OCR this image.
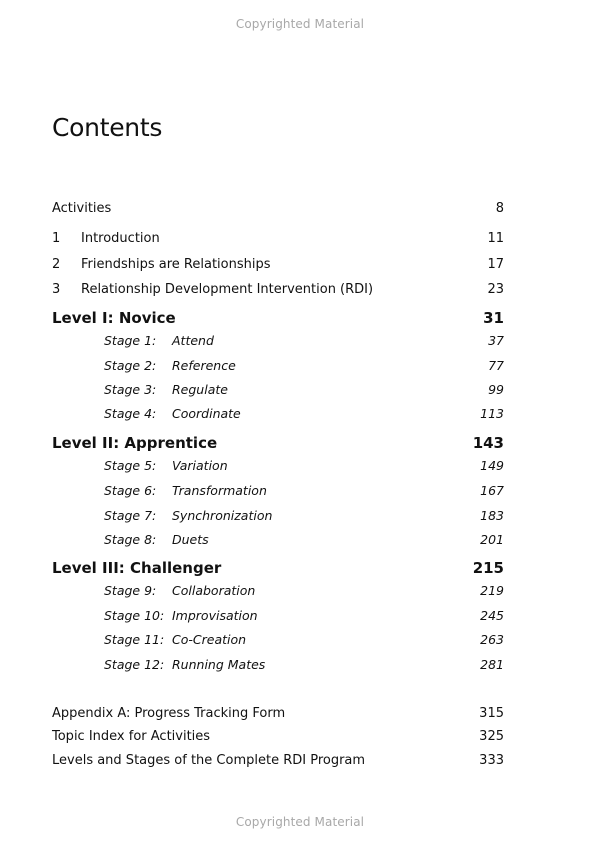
Copyrighted Material
Contents
Activities	8
1 Introduction	11
2 Friendships are Relationships	17
3 Relationship Development Intervention (RDI)	23
Level I: Novice	31
Stage 1: Attend	37
Stage 2: Reference	77
Stage 3: Regulate	99
Stage 4: Coordinate	113
Level II: Apprentice	143
Stage 5: Variation	149
Stage 6: Transformation	167
Stage 7: Synchronization	183
Stage 8: Duets	201
Level III: Challenger	215
Stage 9: Collaboration	219
Stage 10: Improvisation	245
Stage 11: Co-Creation	263
Stage 12: Running Mates	281
Appendix A: Progress Tracking Form	315
Topic Index for Activities	325
Levels and Stages of the Complete RDI Program	333
Copyrighted Material
